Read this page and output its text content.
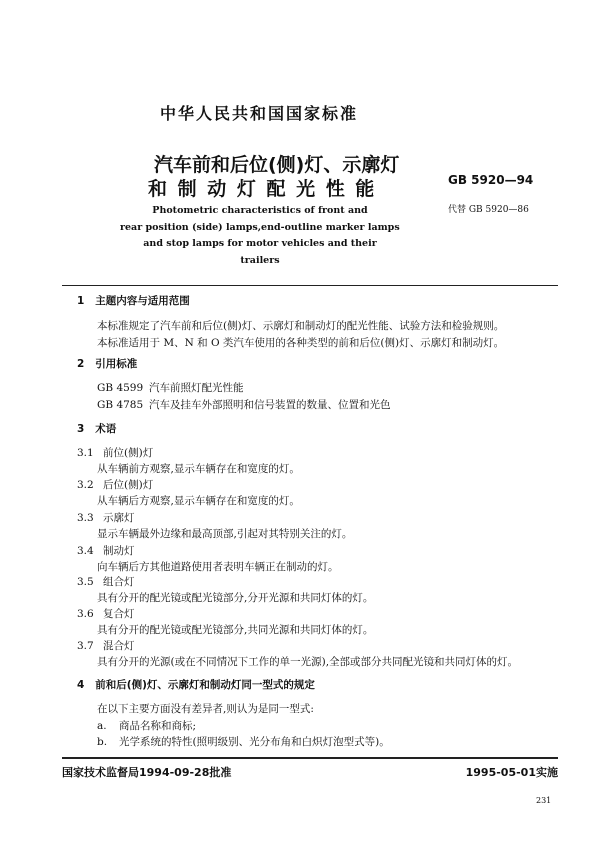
中华人民共和国国家标准
汽车前和后位(侧)灯、示廓灯
和 制 动 灯 配 光 性 能	GB 5920—94
代替 GB 5920—86
Photometric characteristics of front and
rear position (side) lamps,end-outline marker lamps
and stop lamps for motor vehicles and their trailers
1 主题内容与适用范围
本标准规定了汽车前和后位(侧)灯、示廓灯和制动灯的配光性能、试验方法和检验规则。
本标准适用于 M、N 和 O 类汽车使用的各种类型的前和后位(侧)灯、示廓灯和制动灯。
2 引用标准
GB 4599 汽车前照灯配光性能
GB 4785 汽车及挂车外部照明和信号装置的数量、位置和光色
3 术语
3.1 前位(侧)灯
从车辆前方观察,显示车辆存在和宽度的灯。
3.2 后位(侧)灯
从车辆后方观察,显示车辆存在和宽度的灯。
3.3 示廓灯
显示车辆最外边缘和最高顶部,引起对其特别关注的灯。
3.4 制动灯
向车辆后方其他道路使用者表明车辆正在制动的灯。
3.5 组合灯
具有分开的配光镜或配光镜部分,分开光源和共同灯体的灯。
3.6 复合灯
具有分开的配光镜或配光镜部分,共同光源和共同灯体的灯。
3.7 混合灯
具有分开的光源(或在不同情况下工作的单一光源),全部或部分共同配光镜和共同灯体的灯。
4 前和后(侧)灯、示廓灯和制动灯同一型式的规定
在以下主要方面没有差异者,则认为是同一型式:
a. 商品名称和商标;
b. 光学系统的特性(照明级别、光分布角和白炽灯泡型式等)。
国家技术监督局1994-09-28批准	1995-05-01实施
231
